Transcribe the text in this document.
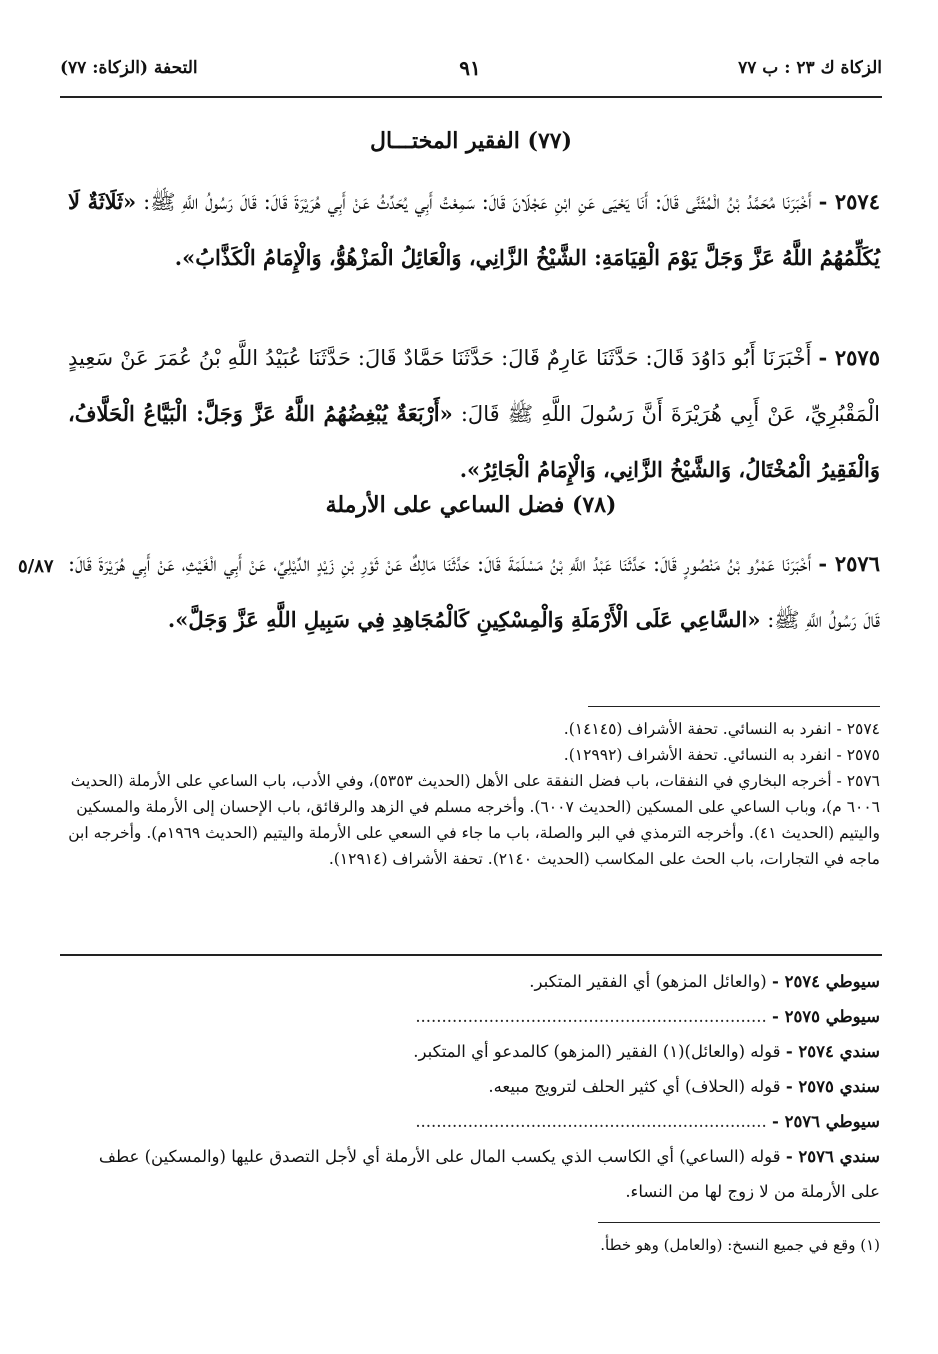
الزكاة ك ٢٣ : ب ٧٧
٩١
التحفة (الزكاة: ٧٧)
(٧٧) الفقير المختـــال

٢٥٧٤ - أَخْبَرَنَا مُحَمَّدُ بْنُ الْمُثَنَّى قَالَ: أَنَا يَحْيَى عَنِ ابْنِ عَجْلَانَ قَالَ: سَمِعْتُ أَبِي يُحَدِّثُ عَنْ أَبِي هُرَيْرَةَ قَالَ: قَالَ رَسُولُ اللَّهِ ﷺ: «ثَلَاثَةٌ لَا يُكَلِّمُهُمُ اللَّهُ عَزَّ وَجَلَّ يَوْمَ الْقِيَامَةِ: الشَّيْخُ الزَّانِي، وَالْعَائِلُ الْمَزْهُوُّ، وَالْإِمَامُ الْكَذَّابُ».

٢٥٧٥ - أَخْبَرَنَا أَبُو دَاوُدَ قَالَ: حَدَّثَنَا عَارِمٌ قَالَ: حَدَّثَنَا حَمَّادٌ قَالَ: حَدَّثَنَا عُبَيْدُ اللَّهِ بْنُ عُمَرَ عَنْ سَعِيدٍ الْمَقْبُرِيِّ، عَنْ أَبِي هُرَيْرَةَ أَنَّ رَسُولَ اللَّهِ ﷺ قَالَ: «أَرْبَعَةٌ يُبْغِضُهُمُ اللَّهُ عَزَّ وَجَلَّ: الْبَيَّاعُ الْحَلَّافُ، وَالْفَقِيرُ الْمُخْتَالُ، وَالشَّيْخُ الزَّانِي، وَالْإِمَامُ الْجَائِرُ».

(٧٨) فضل الساعي على الأرملة
٥/٨٧	٢٥٧٦ - أَخْبَرَنَا عَمْرُو بْنُ مَنْصُورٍ قَالَ: حَدَّثَنَا عَبْدُ اللَّهِ بْنُ مَسْلَمَةَ قَالَ: حَدَّثَنَا مَالِكٌ عَنْ ثَوْرِ بْنِ زَيْدٍ الدِّيْلِيِّ، عَنْ أَبِي الْغَيْثِ، عَنْ أَبِي هُرَيْرَةَ قَالَ: قَالَ رَسُولُ اللَّهِ ﷺ: «السَّاعِي عَلَى الْأَرْمَلَةِ وَالْمِسْكِينِ كَالْمُجَاهِدِ فِي سَبِيلِ اللَّهِ عَزَّ وَجَلَّ».

٢٥٧٤ - انفرد به النسائي. تحفة الأشراف (١٤١٤٥).

٢٥٧٥ - انفرد به النسائي. تحفة الأشراف (١٢٩٩٢).

٢٥٧٦ - أخرجه البخاري في النفقات، باب فضل النفقة على الأهل (الحديث ٥٣٥٣)، وفي الأدب، باب الساعي على الأرملة (الحديث ٦٠٠٦ م)، وباب الساعي على المسكين (الحديث ٦٠٠٧). وأخرجه مسلم في الزهد والرقائق، باب الإحسان إلى الأرملة والمسكين واليتيم (الحديث ٤١). وأخرجه الترمذي في البر والصلة، باب ما جاء في السعي على الأرملة واليتيم (الحديث ١٩٦٩م). وأخرجه ابن ماجه في التجارات، باب الحث على المكاسب (الحديث ٢١٤٠). تحفة الأشراف (١٢٩١٤).

سيوطي ٢٥٧٤ - (والعائل المزهو) أي الفقير المتكبر.

سيوطي ٢٥٧٥ - ...................................................................

سندي ٢٥٧٤ - قوله (والعائل)(١) الفقير (المزهو) كالمدعو أي المتكبر.

سندي ٢٥٧٥ - قوله (الحلاف) أي كثير الحلف لترويج مبيعه.

سيوطي ٢٥٧٦ - ...................................................................

سندي ٢٥٧٦ - قوله (الساعي) أي الكاسب الذي يكسب المال على الأرملة أي لأجل التصدق عليها (والمسكين) عطف على الأرملة من لا زوج لها من النساء.

(١) وقع في جميع النسخ: (والعامل) وهو خطأ.
